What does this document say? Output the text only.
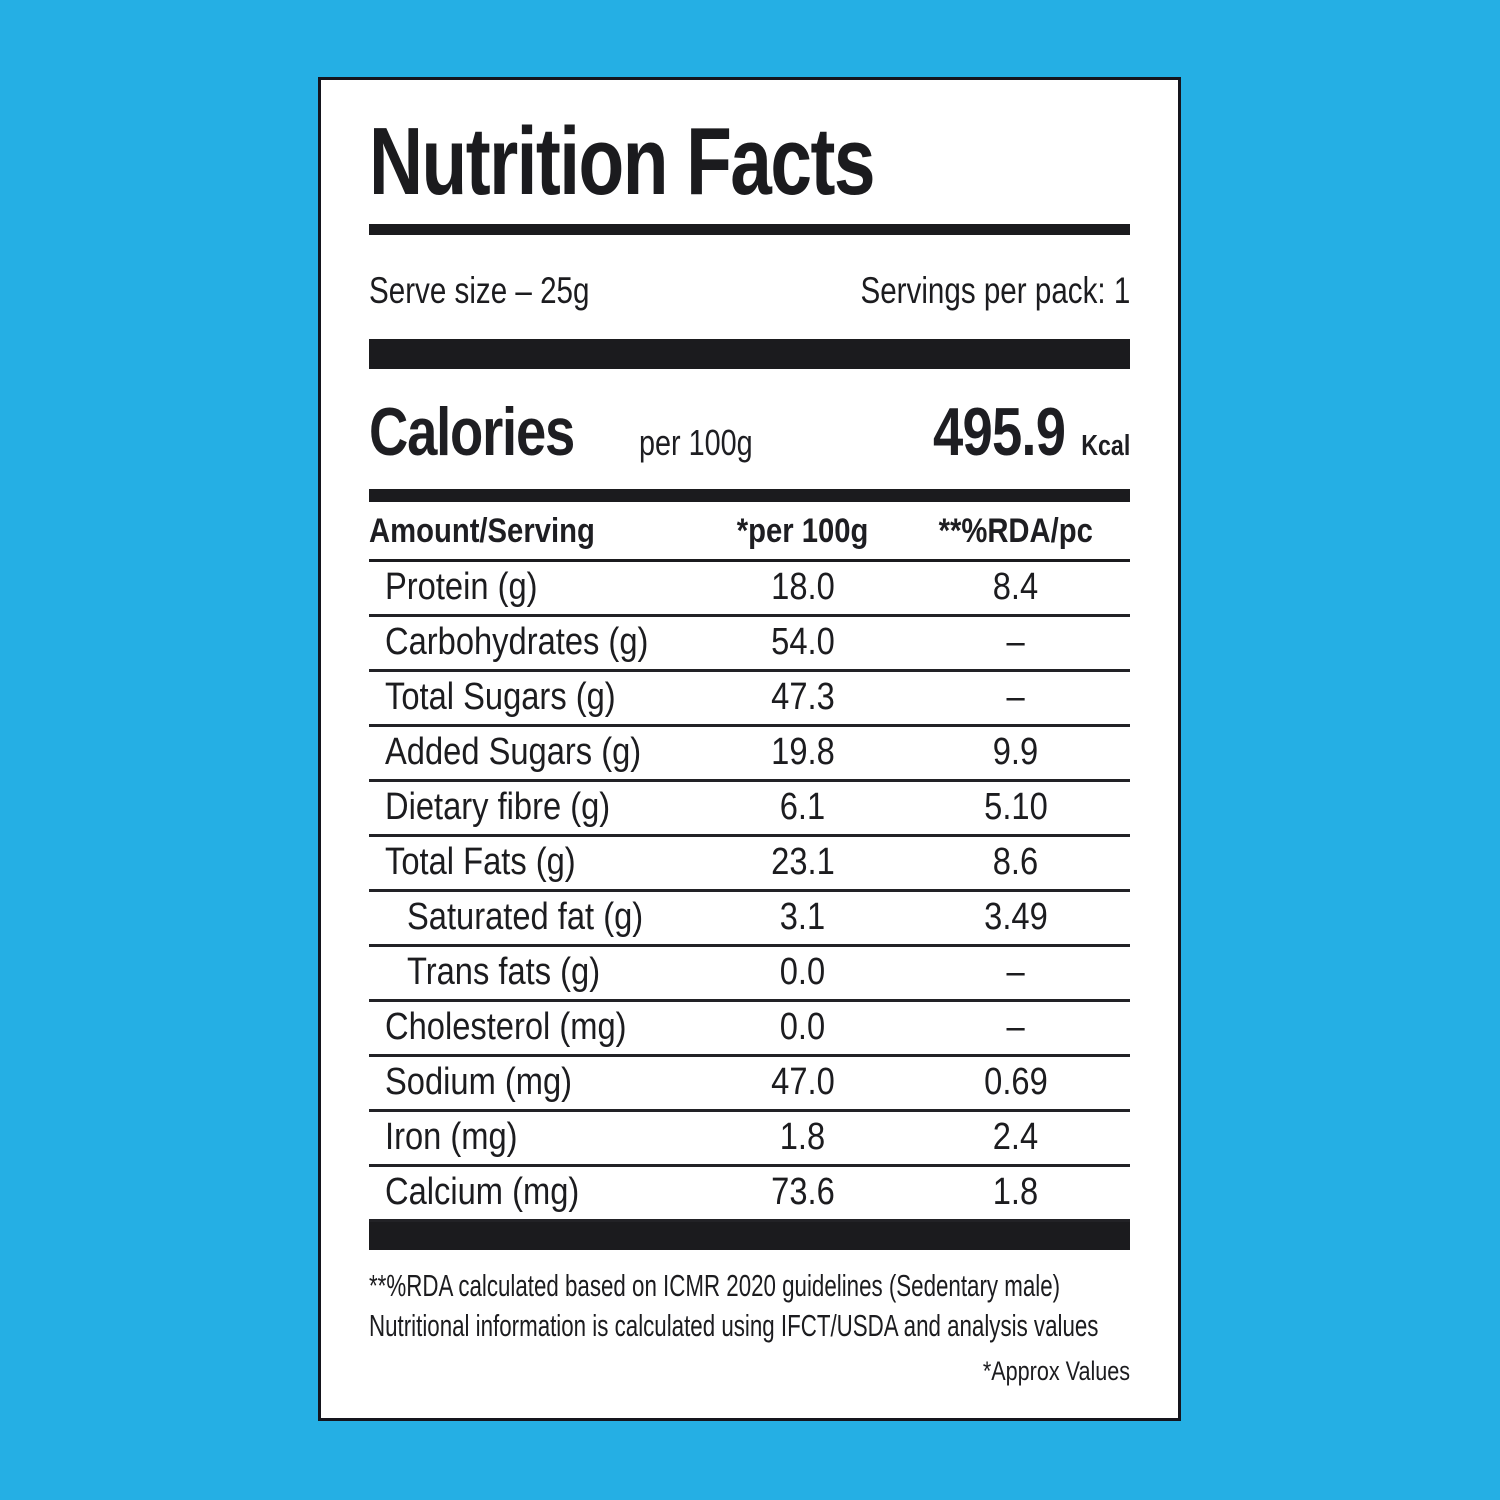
Nutrition Facts
Serve size – 25g	Servings per pack: 1
Calories per 100g	495.9 Kcal
Amount/Serving	*per 100g	**%RDA/pc
Protein (g)	18.0	8.4
Carbohydrates (g)	54.0	–
Total Sugars (g)	47.3	–
Added Sugars (g)	19.8	9.9
Dietary fibre (g)	6.1	5.10
Total Fats (g)	23.1	8.6
Saturated fat (g)	3.1	3.49
Trans fats (g)	0.0	–
Cholesterol (mg)	0.0	–
Sodium (mg)	47.0	0.69
Iron (mg)	1.8	2.4
Calcium (mg)	73.6	1.8
**%RDA calculated based on ICMR 2020 guidelines (Sedentary male)
Nutritional information is calculated using IFCT/USDA and analysis values
*Approx Values
